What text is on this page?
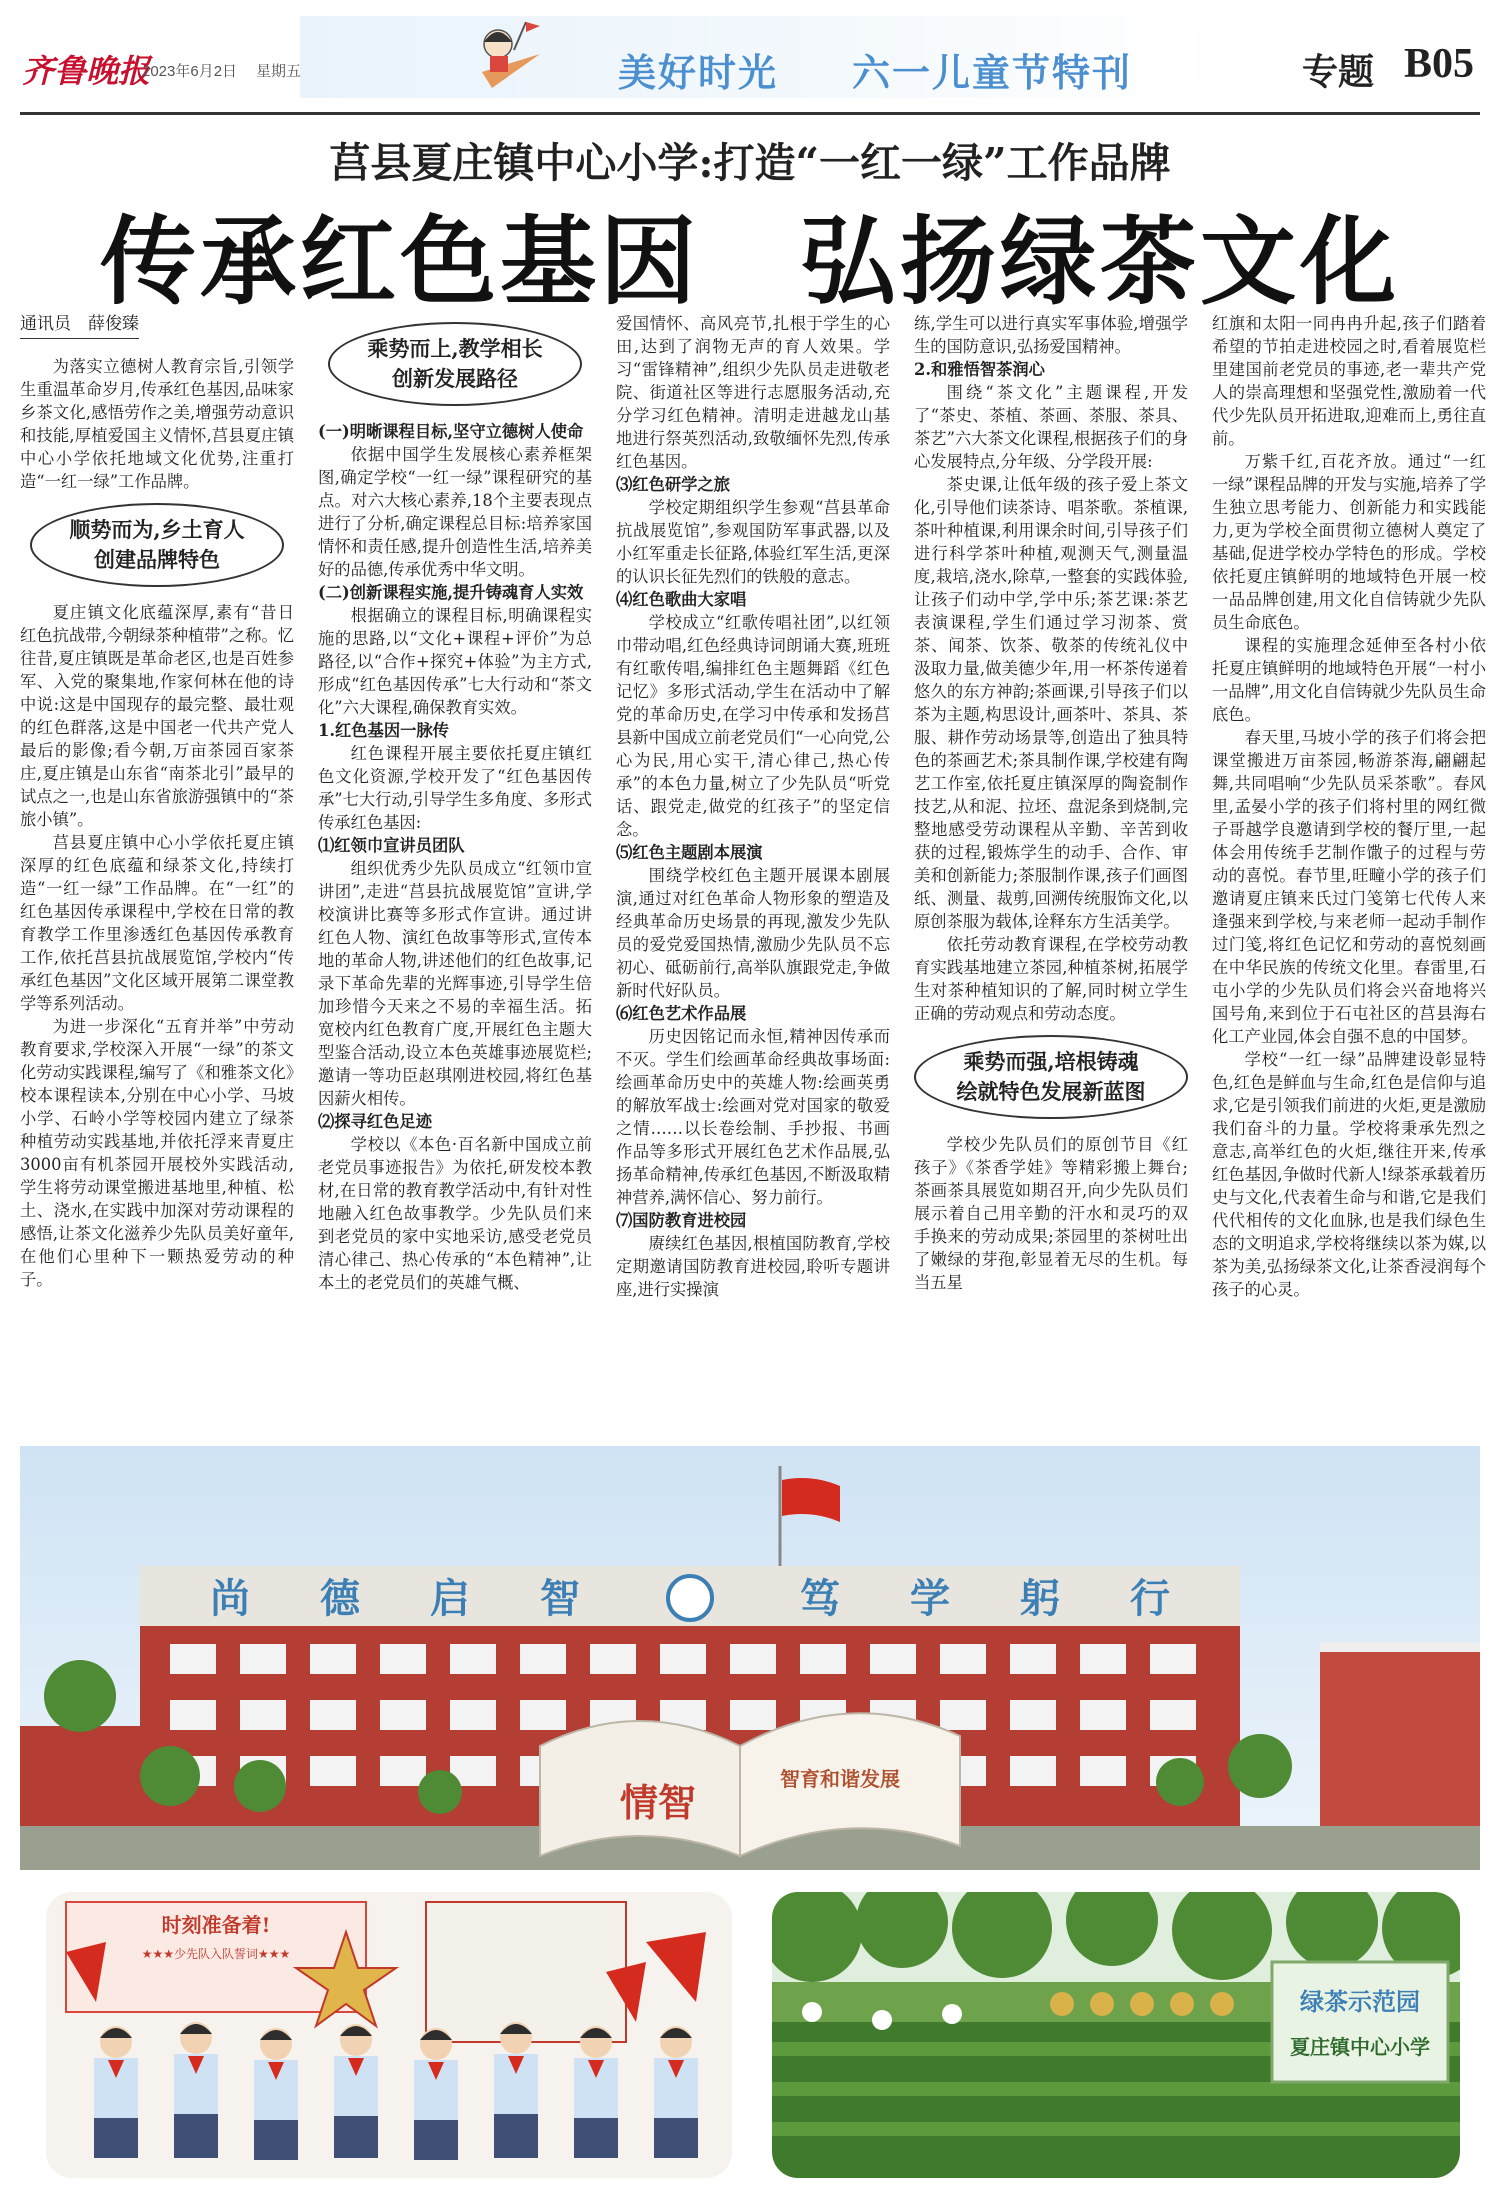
齐鲁晚报
2023年6月2日 星期五	美好时光 六一儿童节特刊	专题 B05
莒县夏庄镇中心小学:打造“一红一绿”工作品牌
传承红色基因　弘扬绿茶文化
通讯员　薛俊臻

为落实立德树人教育宗旨,引领学生重温革命岁月,传承红色基因,品味家乡茶文化,感悟劳作之美,增强劳动意识和技能,厚植爱国主义情怀,莒县夏庄镇中心小学依托地域文化优势,注重打造“一红一绿”工作品牌。

顺势而为,乡土育人
创建品牌特色

夏庄镇文化底蕴深厚,素有“昔日红色抗战带,今朝绿茶种植带”之称。忆往昔,夏庄镇既是革命老区,也是百姓参军、入党的聚集地,作家何林在他的诗中说:这是中国现存的最完整、最壮观的红色群落,这是中国老一代共产党人最后的影像;看今朝,万亩茶园百家茶庄,夏庄镇是山东省“南茶北引”最早的试点之一,也是山东省旅游强镇中的“茶旅小镇”。

莒县夏庄镇中心小学依托夏庄镇深厚的红色底蕴和绿茶文化,持续打造“一红一绿”工作品牌。在“一红”的红色基因传承课程中,学校在日常的教育教学工作里渗透红色基因传承教育工作,依托莒县抗战展览馆,学校内“传承红色基因”文化区域开展第二课堂教学等系列活动。

为进一步深化“五育并举”中劳动教育要求,学校深入开展“一绿”的茶文化劳动实践课程,编写了《和雅茶文化》校本课程读本,分别在中心小学、马坡小学、石岭小学等校园内建立了绿茶种植劳动实践基地,并依托浮来青夏庄3000亩有机茶园开展校外实践活动,学生将劳动课堂搬进基地里,种植、松土、浇水,在实践中加深对劳动课程的感悟,让茶文化滋养少先队员美好童年,在他们心里种下一颗热爱劳动的种子。

乘势而上,教学相长
创新发展路径

(一)明晰课程目标,坚守立德树人使命

依据中国学生发展核心素养框架图,确定学校“一红一绿”课程研究的基点。对六大核心素养,18个主要表现点进行了分析,确定课程总目标:培养家国情怀和责任感,提升创造性生活,培养美好的品德,传承优秀中华文明。

(二)创新课程实施,提升铸魂育人实效

根据确立的课程目标,明确课程实施的思路,以“文化+课程+评价”为总路径,以“合作+探究+体验”为主方式,形成“红色基因传承”七大行动和“茶文化”六大课程,确保教育实效。

1.红色基因一脉传

红色课程开展主要依托夏庄镇红色文化资源,学校开发了“红色基因传承”七大行动,引导学生多角度、多形式传承红色基因:

⑴红领巾宣讲员团队

组织优秀少先队员成立“红领巾宣讲团”,走进“莒县抗战展览馆”宣讲,学校演讲比赛等多形式作宣讲。通过讲红色人物、演红色故事等形式,宣传本地的革命人物,讲述他们的红色故事,记录下革命先辈的光辉事迹,引导学生倍加珍惜今天来之不易的幸福生活。拓宽校内红色教育广度,开展红色主题大型鉴合活动,设立本色英雄事迹展览栏;邀请一等功臣赵琪刚进校园,将红色基因薪火相传。

⑵探寻红色足迹

学校以《本色·百名新中国成立前老党员事迹报告》为依托,研发校本教材,在日常的教育教学活动中,有针对性地融入红色故事教学。少先队员们来到老党员的家中实地采访,感受老党员清心律己、热心传承的“本色精神”,让本土的老党员们的英雄气概、

爱国情怀、高风亮节,扎根于学生的心田,达到了润物无声的育人效果。学习“雷锋精神”,组织少先队员走进敬老院、街道社区等进行志愿服务活动,充分学习红色精神。清明走进越龙山基地进行祭英烈活动,致敬缅怀先烈,传承红色基因。

⑶红色研学之旅

学校定期组织学生参观“莒县革命抗战展览馆”,参观国防军事武器,以及小红军重走长征路,体验红军生活,更深的认识长征先烈们的铁般的意志。

⑷红色歌曲大家唱

学校成立“红歌传唱社团”,以红领巾带动唱,红色经典诗词朗诵大赛,班班有红歌传唱,编排红色主题舞蹈《红色记忆》多形式活动,学生在活动中了解党的革命历史,在学习中传承和发扬莒县新中国成立前老党员们“一心向党,公心为民,用心实干,清心律己,热心传承”的本色力量,树立了少先队员“听党话、跟党走,做党的红孩子”的坚定信念。

⑸红色主题剧本展演

围绕学校红色主题开展课本剧展演,通过对红色革命人物形象的塑造及经典革命历史场景的再现,激发少先队员的爱党爱国热情,激励少先队员不忘初心、砥砺前行,高举队旗跟党走,争做新时代好队员。

⑹红色艺术作品展

历史因铭记而永恒,精神因传承而不灭。学生们绘画革命经典故事场面:绘画革命历史中的英雄人物:绘画英勇的解放军战士:绘画对党对国家的敬爱之情……以长卷绘制、手抄报、书画作品等多形式开展红色艺术作品展,弘扬革命精神,传承红色基因,不断汲取精神营养,满怀信心、努力前行。

⑺国防教育进校园

赓续红色基因,根植国防教育,学校定期邀请国防教育进校园,聆听专题讲座,进行实操演

练,学生可以进行真实军事体验,增强学生的国防意识,弘扬爱国精神。

2.和雅悟智茶润心

围绕“茶文化”主题课程,开发了“茶史、茶植、茶画、茶服、茶具、茶艺”六大茶文化课程,根据孩子们的身心发展特点,分年级、分学段开展:

茶史课,让低年级的孩子爱上茶文化,引导他们读茶诗、唱茶歌。茶植课,茶叶种植课,利用课余时间,引导孩子们进行科学茶叶种植,观测天气,测量温度,栽培,浇水,除草,一整套的实践体验,让孩子们动中学,学中乐;茶艺课:茶艺表演课程,学生们通过学习沏茶、赏茶、闻茶、饮茶、敬茶的传统礼仪中汲取力量,做美德少年,用一杯茶传递着悠久的东方神韵;茶画课,引导孩子们以茶为主题,构思设计,画茶叶、茶具、茶服、耕作劳动场景等,创造出了独具特色的茶画艺术;茶具制作课,学校建有陶艺工作室,依托夏庄镇深厚的陶瓷制作技艺,从和泥、拉坯、盘泥条到烧制,完整地感受劳动课程从辛勤、辛苦到收获的过程,锻炼学生的动手、合作、审美和创新能力;茶服制作课,孩子们画图纸、测量、裁剪,回溯传统服饰文化,以原创茶服为载体,诠释东方生活美学。

依托劳动教育课程,在学校劳动教育实践基地建立茶园,种植茶树,拓展学生对茶种植知识的了解,同时树立学生正确的劳动观点和劳动态度。

乘势而强,培根铸魂
绘就特色发展新蓝图

学校少先队员们的原创节目《红孩子》《茶香学娃》等精彩搬上舞台;茶画茶具展览如期召开,向少先队员们展示着自己用辛勤的汗水和灵巧的双手换来的劳动成果;茶园里的茶树吐出了嫩绿的芽孢,彰显着无尽的生机。每当五星

红旗和太阳一同冉冉升起,孩子们踏着希望的节拍走进校园之时,看着展览栏里建国前老党员的事迹,老一辈共产党人的崇高理想和坚强党性,激励着一代代少先队员开拓进取,迎难而上,勇往直前。

万紫千红,百花齐放。通过“一红一绿”课程品牌的开发与实施,培养了学生独立思考能力、创新能力和实践能力,更为学校全面贯彻立德树人奠定了基础,促进学校办学特色的形成。学校依托夏庄镇鲜明的地域特色开展一校一品品牌创建,用文化自信铸就少先队员生命底色。

课程的实施理念延伸至各村小依托夏庄镇鲜明的地域特色开展“一村小一品牌”,用文化自信铸就少先队员生命底色。

春天里,马坡小学的孩子们将会把课堂搬进万亩茶园,畅游茶海,翩翩起舞,共同唱响“少先队员采茶歌”。春风里,孟晏小学的孩子们将村里的网红微子哥越学良邀请到学校的餐厅里,一起体会用传统手艺制作馓子的过程与劳动的喜悦。春节里,旺疃小学的孩子们邀请夏庄镇来氏过门笺第七代传人来逢强来到学校,与来老师一起动手制作过门笺,将红色记忆和劳动的喜悦刻画在中华民族的传统文化里。春雷里,石屯小学的少先队员们将会兴奋地将兴国号角,来到位于石屯社区的莒县海右化工产业园,体会自强不息的中国梦。

学校“一红一绿”品牌建设彰显特色,红色是鲜血与生命,红色是信仰与追求,它是引领我们前进的火炬,更是激励我们奋斗的力量。学校将秉承先烈之意志,高举红色的火炬,继往开来,传承红色基因,争做时代新人!绿茶承载着历史与文化,代表着生命与和谐,它是我们代代相传的文化血脉,也是我们绿色生态的文明追求,学校将继续以茶为媒,以茶为美,弘扬绿茶文化,让茶香浸润每个孩子的心灵。

尚 德 启 智	笃 学 躬 行
情智
智育和谐发展
时刻准备着!
★★★少先队入队誓词★★★
绿茶示范园
夏庄镇中心小学
